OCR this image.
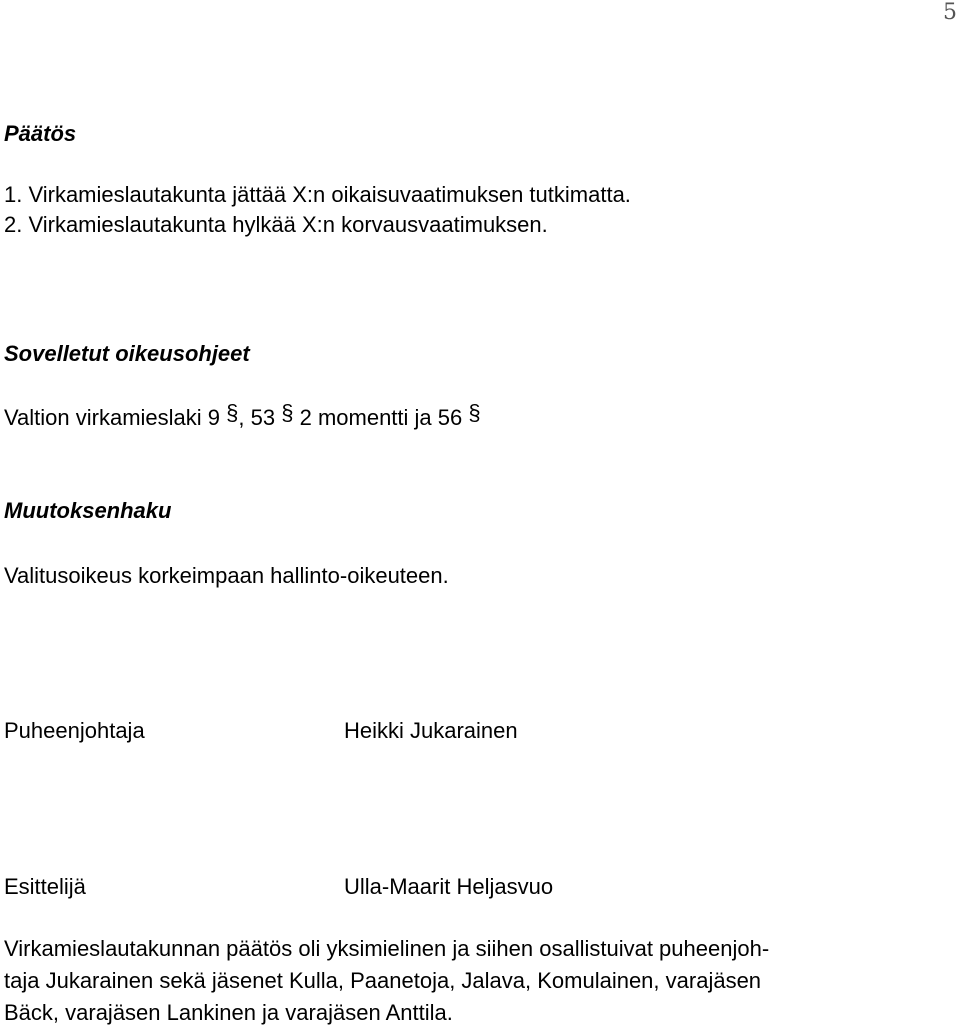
5
Päätös
1. Virkamieslautakunta jättää X:n oikaisuvaatimuksen tutkimatta.
2. Virkamieslautakunta hylkää X:n korvausvaatimuksen.
Sovelletut oikeusohjeet
Valtion virkamieslaki 9 §, 53 § 2 momentti ja 56 §
Muutoksenhaku
Valitusoikeus korkeimpaan hallinto-oikeuteen.
Puheenjohtaja	Heikki Jukarainen
Esittelijä	Ulla-Maarit Heljasvuo
Virkamieslautakunnan päätös oli yksimielinen ja siihen osallistuivat puheenjoh-
taja Jukarainen sekä jäsenet Kulla, Paanetoja, Jalava, Komulainen, varajäsen
Bäck, varajäsen Lankinen ja varajäsen Anttila.
